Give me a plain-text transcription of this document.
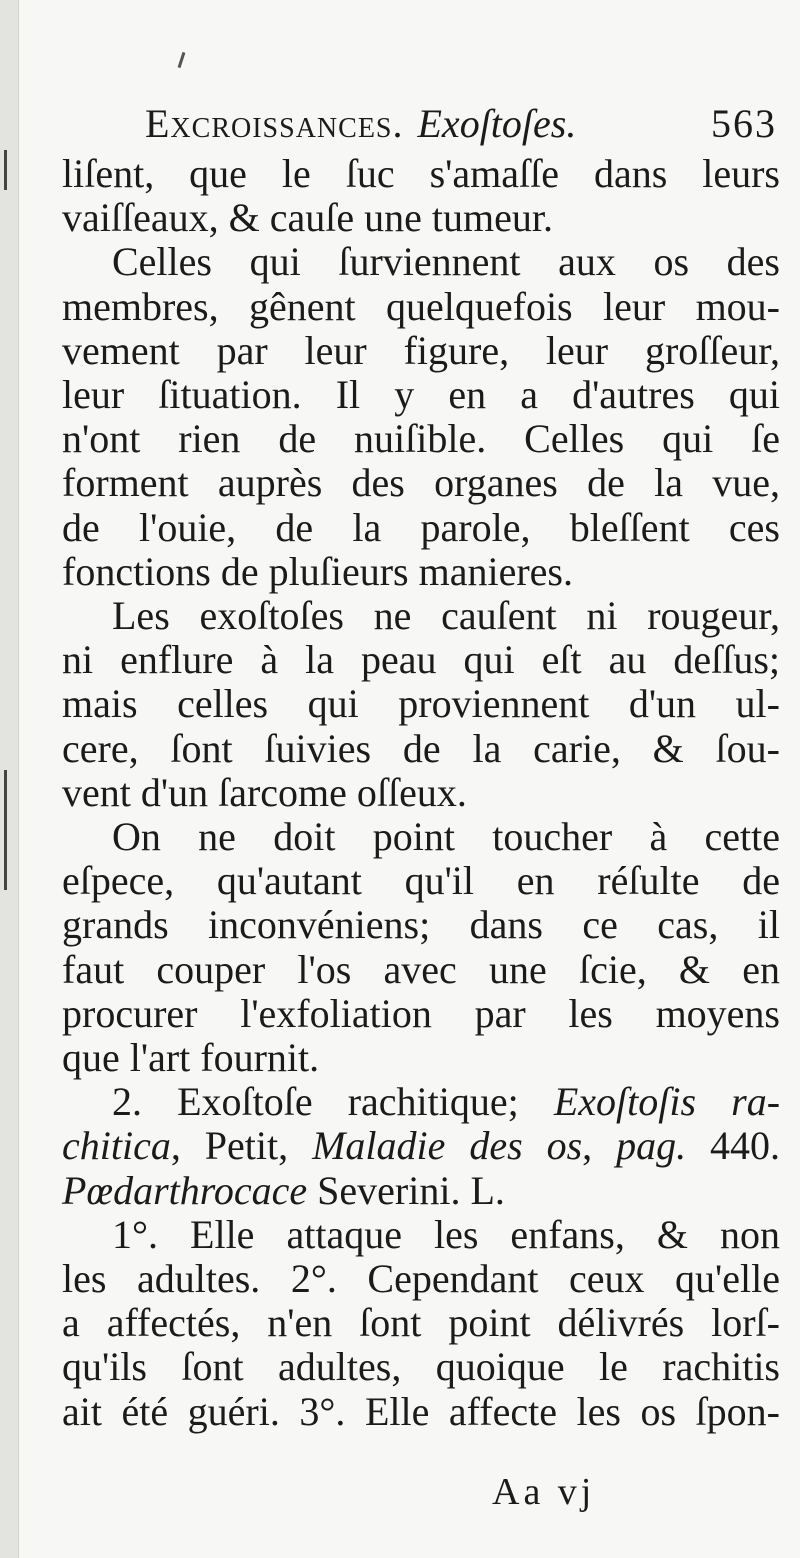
Excroissances. Exoſtoſes.	563
liſent, que le ſuc s'amaſſe dans leurs
vaiſſeaux, & cauſe une tumeur.
Celles qui ſurviennent aux os des
membres, gênent quelquefois leur mou-
vement par leur figure, leur groſſeur,
leur ſituation. Il y en a d'autres qui
n'ont rien de nuiſible. Celles qui ſe
forment auprès des organes de la vue,
de l'ouie, de la parole, bleſſent ces
fonctions de pluſieurs manieres.
Les exoſtoſes ne cauſent ni rougeur,
ni enflure à la peau qui eſt au deſſus;
mais celles qui proviennent d'un ul-
cere, ſont ſuivies de la carie, & ſou-
vent d'un ſarcome oſſeux.
On ne doit point toucher à cette
eſpece, qu'autant qu'il en réſulte de
grands inconvéniens; dans ce cas, il
faut couper l'os avec une ſcie, & en
procurer l'exfoliation par les moyens
que l'art fournit.
2. Exoſtoſe rachitique; Exoſtoſis ra-
chitica, Petit, Maladie des os, pag. 440.
Pœdarthrocace Severini. L.
1°. Elle attaque les enfans, & non
les adultes. 2°. Cependant ceux qu'elle
a affectés, n'en ſont point délivrés lorſ-
qu'ils ſont adultes, quoique le rachitis
ait été guéri. 3°. Elle affecte les os ſpon-
Aa vj
